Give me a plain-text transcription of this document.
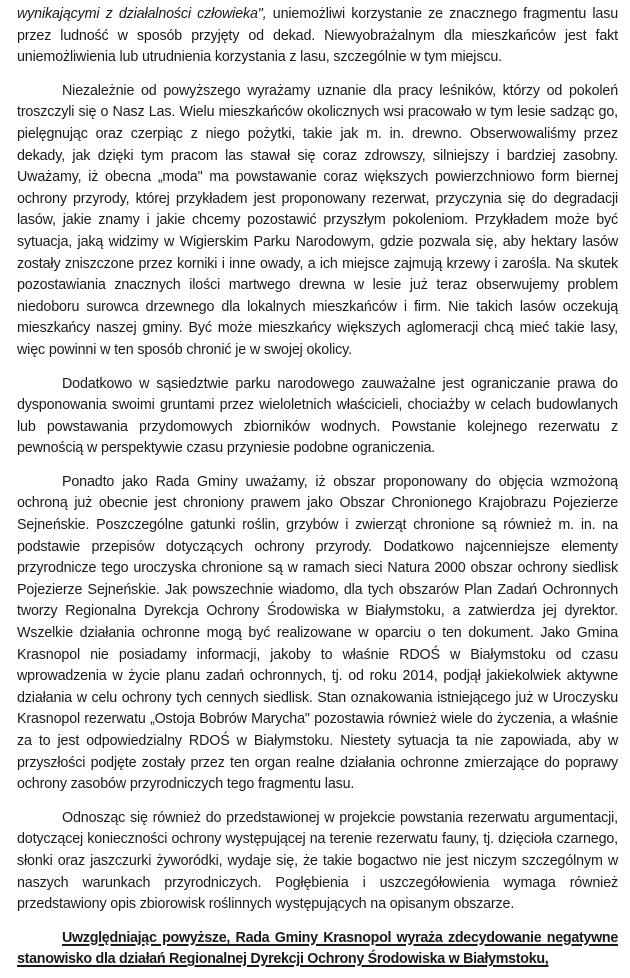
wynikającymi z działalności człowieka", uniemożliwi korzystanie ze znacznego fragmentu lasu przez ludność w sposób przyjęty od dekad. Niewyobrażalnym dla mieszkańców jest fakt uniemożliwienia lub utrudnienia korzystania z lasu, szczególnie w tym miejscu.

Niezależnie od powyższego wyrażamy uznanie dla pracy leśników, którzy od pokoleń troszczyli się o Nasz Las. Wielu mieszkańców okolicznych wsi pracowało w tym lesie sadząc go, pielęgnując oraz czerpiąc z niego pożytki, takie jak m. in. drewno. Obserwowaliśmy przez dekady, jak dzięki tym pracom las stawał się coraz zdrowszy, silniejszy i bardziej zasobny. Uważamy, iż obecna „moda" ma powstawanie coraz większych powierzchniowo form biernej ochrony przyrody, której przykładem jest proponowany rezerwat, przyczynia się do degradacji lasów, jakie znamy i jakie chcemy pozostawić przyszłym pokoleniom. Przykładem może być sytuacja, jaką widzimy w Wigierskim Parku Narodowym, gdzie pozwala się, aby hektary lasów zostały zniszczone przez korniki i inne owady, a ich miejsce zajmują krzewy i zarośla. Na skutek pozostawiania znacznych ilości martwego drewna w lesie już teraz obserwujemy problem niedoboru surowca drzewnego dla lokalnych mieszkańców i firm. Nie takich lasów oczekują mieszkańcy naszej gminy. Być może mieszkańcy większych aglomeracji chcą mieć takie lasy, więc powinni w ten sposób chronić je w swojej okolicy.

Dodatkowo w sąsiedztwie parku narodowego zauważalne jest ograniczanie prawa do dysponowania swoimi gruntami przez wieloletnich właścicieli, chociażby w celach budowlanych lub powstawania przydomowych zbiorników wodnych. Powstanie kolejnego rezerwatu z pewnością w perspektywie czasu przyniesie podobne ograniczenia.

Ponadto jako Rada Gminy uważamy, iż obszar proponowany do objęcia wzmożoną ochroną już obecnie jest chroniony prawem jako Obszar Chronionego Krajobrazu Pojezierze Sejneńskie. Poszczególne gatunki roślin, grzybów i zwierząt chronione są również m. in. na podstawie przepisów dotyczących ochrony przyrody. Dodatkowo najcenniejsze elementy przyrodnicze tego uroczyska chronione są w ramach sieci Natura 2000 obszar ochrony siedlisk Pojezierze Sejneńskie. Jak powszechnie wiadomo, dla tych obszarów Plan Zadań Ochronnych tworzy Regionalna Dyrekcja Ochrony Środowiska w Białymstoku, a zatwierdza jej dyrektor. Wszelkie działania ochronne mogą być realizowane w oparciu o ten dokument. Jako Gmina Krasnopol nie posiadamy informacji, jakoby to właśnie RDOŚ w Białymstoku od czasu wprowadzenia w życie planu zadań ochronnych, tj. od roku 2014, podjął jakiekolwiek aktywne działania w celu ochrony tych cennych siedlisk. Stan oznakowania istniejącego już w Uroczysku Krasnopol rezerwatu „Ostoja Bobrów Marycha" pozostawia również wiele do życzenia, a właśnie za to jest odpowiedzialny RDOŚ w Białymstoku. Niestety sytuacja ta nie zapowiada, aby w przyszłości podjęte zostały przez ten organ realne działania ochronne zmierzające do poprawy ochrony zasobów przyrodniczych tego fragmentu lasu.

Odnosząc się również do przedstawionej w projekcie powstania rezerwatu argumentacji, dotyczącej konieczności ochrony występującej na terenie rezerwatu fauny, tj. dzięcioła czarnego, słonki oraz jaszczurki żyworódki, wydaje się, że takie bogactwo nie jest niczym szczególnym w naszych warunkach przyrodniczych. Pogłębienia i uszczegółowienia wymaga również przedstawiony opis zbiorowisk roślinnych występujących na opisanym obszarze.

Uwzględniając powyższe, Rada Gminy Krasnopol wyraża zdecydowanie negatywne stanowisko dla działań Regionalnej Dyrekcji Ochrony Środowiska w Białymstoku,
